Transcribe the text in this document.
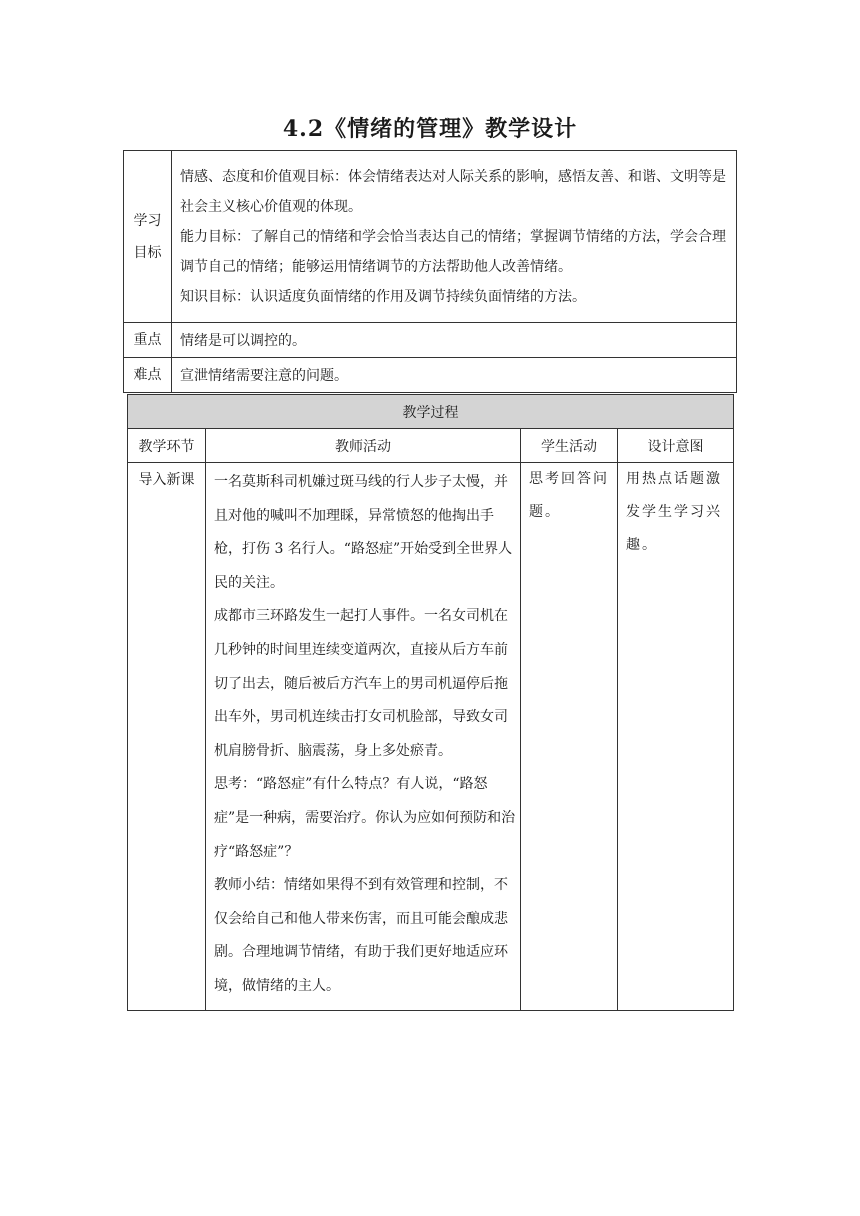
4.2《情绪的管理》教学设计
学习目标	情感、态度和价值观目标：体会情绪表达对人际关系的影响，感悟友善、和谐、文明等是社会主义核心价值观的体现。

能力目标：了解自己的情绪和学会恰当表达自己的情绪；掌握调节情绪的方法，学会合理调节自己的情绪；能够运用情绪调节的方法帮助他人改善情绪。

知识目标：认识适度负面情绪的作用及调节持续负面情绪的方法。

重点	情绪是可以调控的。
难点	宣泄情绪需要注意的问题。
教学过程			
教学环节	教师活动	学生活动	设计意图
导入新课	一名莫斯科司机嫌过斑马线的行人步子太慢，并且对他的喊叫不加理睬，异常愤怒的他掏出手枪，打伤 3 名行人。“路怒症”开始受到全世界人民的关注。

成都市三环路发生一起打人事件。一名女司机在几秒钟的时间里连续变道两次，直接从后方车前切了出去，随后被后方汽车上的男司机逼停后拖出车外，男司机连续击打女司机脸部，导致女司机肩膀骨折、脑震荡，身上多处瘀青。

思考：“路怒症”有什么特点？有人说，“路怒症”是一种病，需要治疗。你认为应如何预防和治疗“路怒症”？

教师小结：情绪如果得不到有效管理和控制，不仅会给自己和他人带来伤害，而且可能会酿成悲剧。合理地调节情绪，有助于我们更好地适应环境，做情绪的主人。	思考回答问题。	用热点话题激发学生学习兴趣。
